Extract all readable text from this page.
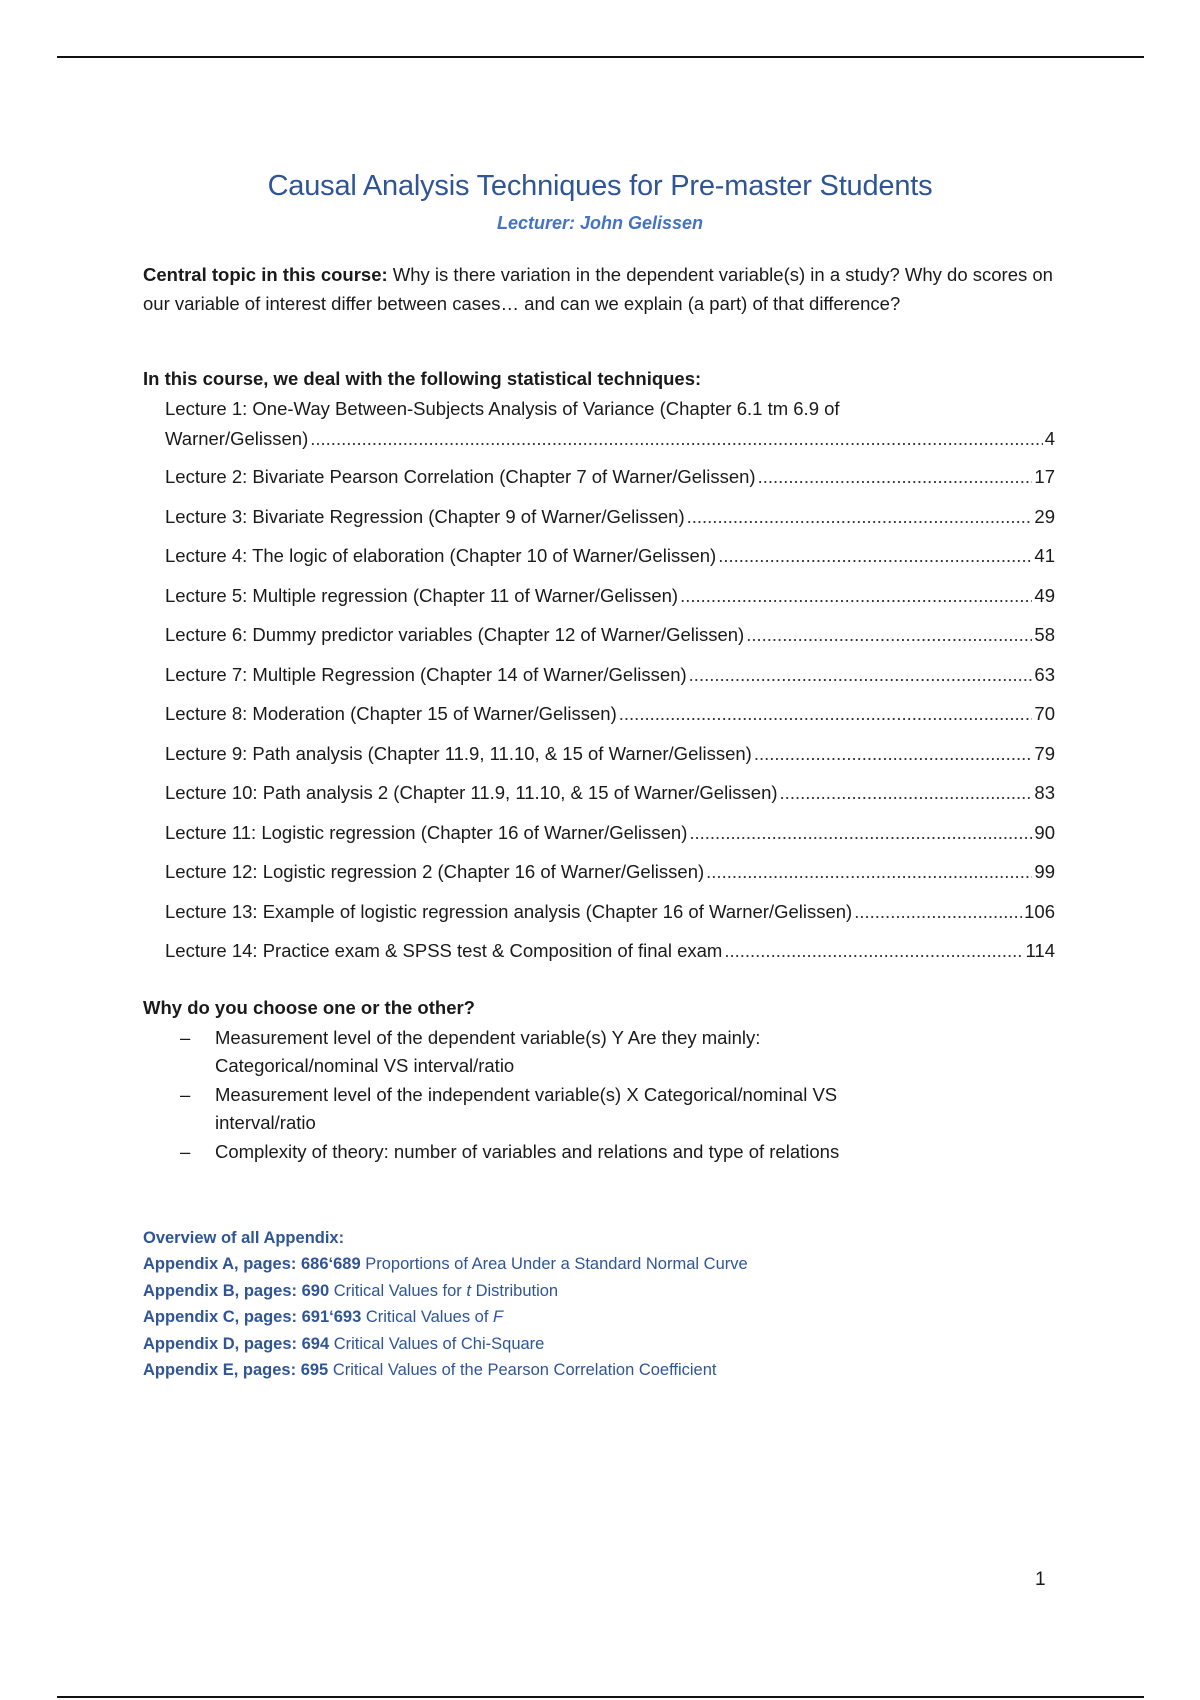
Causal Analysis Techniques for Pre-master Students
Lecturer: John Gelissen
Central topic in this course: Why is there variation in the dependent variable(s) in a study? Why do scores on our variable of interest differ between cases… and can we explain (a part) of that difference?
In this course, we deal with the following statistical techniques:
Lecture 1: One-Way Between-Subjects Analysis of Variance (Chapter 6.1 tm 6.9 of
Warner/Gelissen) .....	4
Lecture 2: Bivariate Pearson Correlation (Chapter 7 of Warner/Gelissen) .....	17
Lecture 3: Bivariate Regression (Chapter 9 of Warner/Gelissen) .....	29
Lecture 4: The logic of elaboration (Chapter 10 of Warner/Gelissen) .....	41
Lecture 5: Multiple regression (Chapter 11 of Warner/Gelissen) .....	49
Lecture 6: Dummy predictor variables (Chapter 12 of Warner/Gelissen) .....	58
Lecture 7: Multiple Regression (Chapter 14 of Warner/Gelissen) .....	63
Lecture 8: Moderation (Chapter 15 of Warner/Gelissen) .....	70
Lecture 9: Path analysis (Chapter 11.9, 11.10, & 15 of Warner/Gelissen) .....	79
Lecture 10: Path analysis 2 (Chapter 11.9, 11.10, & 15 of Warner/Gelissen) .....	83
Lecture 11: Logistic regression (Chapter 16 of Warner/Gelissen) .....	90
Lecture 12: Logistic regression 2 (Chapter 16 of Warner/Gelissen) .....	99
Lecture 13: Example of logistic regression analysis (Chapter 16 of Warner/Gelissen) .....	106
Lecture 14: Practice exam & SPSS test & Composition of final exam .....	114
Why do you choose one or the other?
– Measurement level of the dependent variable(s) Y Are they mainly: Categorical/nominal VS interval/ratio
– Measurement level of the independent variable(s) X Categorical/nominal VS interval/ratio
– Complexity of theory: number of variables and relations and type of relations
Overview of all Appendix:
Appendix A, pages: 686‘689 Proportions of Area Under a Standard Normal Curve
Appendix B, pages: 690 Critical Values for t Distribution
Appendix C, pages: 691‘693 Critical Values of F
Appendix D, pages: 694 Critical Values of Chi-Square
Appendix E, pages: 695 Critical Values of the Pearson Correlation Coefficient
1
